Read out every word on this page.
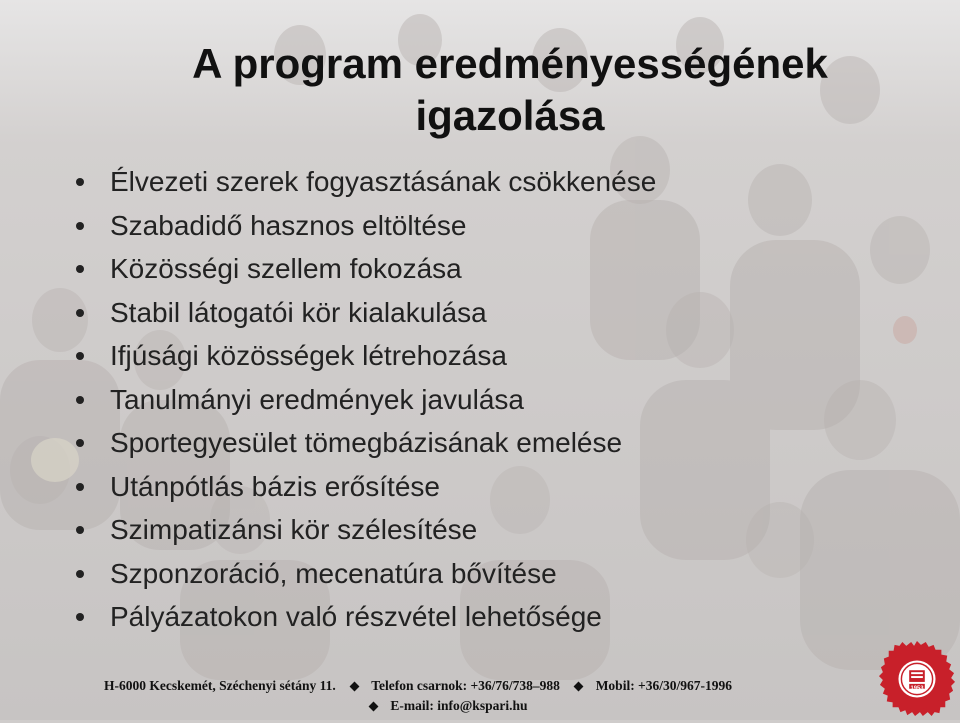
A program eredményességének
igazolása
Élvezeti szerek fogyasztásának csökkenése
Szabadidő hasznos eltöltése
Közösségi szellem fokozása
Stabil látogatói kör kialakulása
Ifjúsági közösségek létrehozása
Tanulmányi eredmények javulása
Sportegyesület tömegbázisának emelése
Utánpótlás bázis erősítése
Szimpatizánsi kör szélesítése
Szponzoráció, mecenatúra bővítése
Pályázatokon való részvétel lehetősége
H-6000 Kecskemét, Széchenyi sétány 11.	Telefon csarnok: +36/76/738–988	Mobil: +36/30/967-1996
E-mail: info@kspari.hu
1953
